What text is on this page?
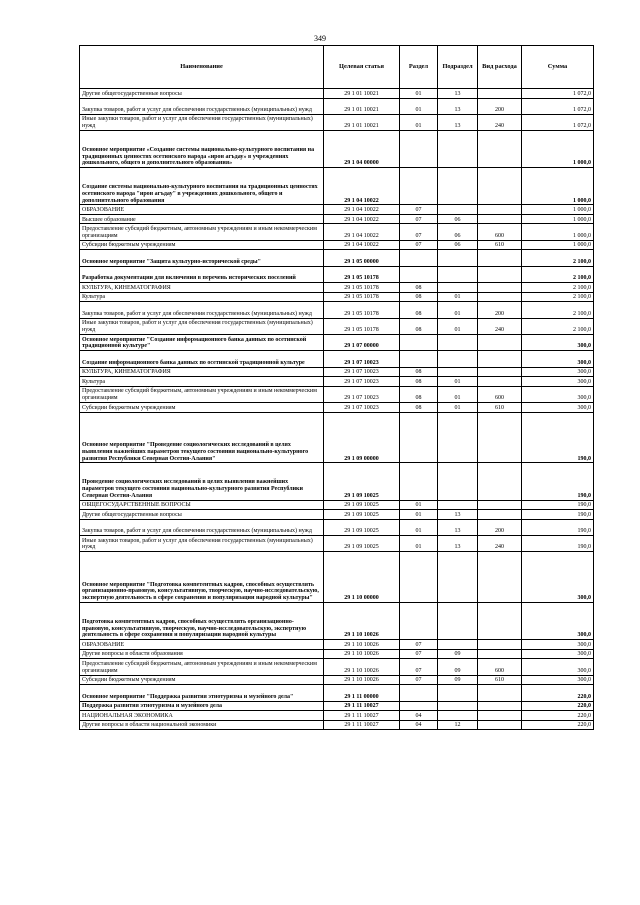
349
Наименование	Целевая статья	Раздел	Подраздел	Вид расхода	Сумма
Другие общегосударственные вопросы	29 1 01 10021	01	13		1 072,0
Закупка товаров, работ и услуг для обеспечения государственных (муниципальных) нужд	29 1 01 10021	01	13	200	1 072,0
Иные закупки товаров, работ и услуг для обеспечения государственных (муниципальных) нужд	29 1 01 10021	01	13	240	1 072,0
Основное мероприятие «Создание системы национально-культурного воспитания на традиционных ценностях осетинского народа «ирон агъдау» в учреждениях дошкольного, общего и дополнительного образования»	29 1 04 00000				1 000,0
Создание системы национально-культурного воспитания на традиционных ценностях осетинского народа "ирон агъдау" в учреждениях дошкольного, общего и дополнительного образования	29 1 04 10022				1 000,0
ОБРАЗОВАНИЕ	29 1 04 10022	07			1 000,0
Высшее образование	29 1 04 10022	07	06		1 000,0
Предоставление субсидий бюджетным, автономным учреждениям и иным некоммерческим организациям	29 1 04 10022	07	06	600	1 000,0
Субсидии бюджетным учреждениям	29 1 04 10022	07	06	610	1 000,0
Основное мероприятие "Защита культурно-исторической среды"	29 1 05 00000				2 100,0
Разработка документации для включения в перечень исторических поселений	29 1 05 10178				2 100,0
КУЛЬТУРА, КИНЕМАТОГРАФИЯ	29 1 05 10178	08			2 100,0
Культура	29 1 05 10178	08	01		2 100,0
Закупка товаров, работ и услуг для обеспечения государственных (муниципальных) нужд	29 1 05 10178	08	01	200	2 100,0
Иные закупки товаров, работ и услуг для обеспечения государственных (муниципальных) нужд	29 1 05 10178	08	01	240	2 100,0
Основное мероприятие "Создание информационного банка данных по осетинской традиционной культуре"	29 1 07 00000				300,0
Создание информационного банка данных по осетинской традиционной культуре	29 1 07 10023				300,0
КУЛЬТУРА, КИНЕМАТОГРАФИЯ	29 1 07 10023	08			300,0
Культура	29 1 07 10023	08	01		300,0
Предоставление субсидий бюджетным, автономным учреждениям и иным некоммерческим организациям	29 1 07 10023	08	01	600	300,0
Субсидии бюджетным учреждениям	29 1 07 10023	08	01	610	300,0
Основное мероприятие "Проведение социологических исследований в целях выявления важнейших параметров текущего состояния национально-культурного развития Республики Северная Осетия-Алания"	29 1 09 00000				190,0
Проведение социологических исследований в целях выявления важнейших параметров текущего состояния национально-культурного развития Республики Северная Осетия-Алания	29 1 09 10025				190,0
ОБЩЕГОСУДАРСТВЕННЫЕ ВОПРОСЫ	29 1 09 10025	01			190,0
Другие общегосударственные вопросы	29 1 09 10025	01	13		190,0
Закупка товаров, работ и услуг для обеспечения государственных (муниципальных) нужд	29 1 09 10025	01	13	200	190,0
Иные закупки товаров, работ и услуг для обеспечения государственных (муниципальных) нужд	29 1 09 10025	01	13	240	190,0
Основное мероприятие "Подготовка компетентных кадров, способных осуществлять организационно-правовую, консультативную, творческую, научно-исследовательскую, экспертную деятельность в сфере сохранения и популяризации народной культуры"	29 1 10 00000				300,0
Подготовка компетентных кадров, способных осуществлять организационно-правовую, консультативную, творческую, научно-исследовательскую, экспертную деятельность в сфере сохранения и популяризации народной культуры	29 1 10 10026				300,0
ОБРАЗОВАНИЕ	29 1 10 10026	07			300,0
Другие вопросы в области образования	29 1 10 10026	07	09		300,0
Предоставление субсидий бюджетным, автономным учреждениям и иным некоммерческим организациям	29 1 10 10026	07	09	600	300,0
Субсидии бюджетным учреждениям	29 1 10 10026	07	09	610	300,0
Основное мероприятие "Поддержка развития этнотуризма и музейного дела"	29 1 11 00000				220,0
Поддержка развития этнотуризма и музейного дела	29 1 11 10027				220,0
НАЦИОНАЛЬНАЯ ЭКОНОМИКА	29 1 11 10027	04			220,0
Другие вопросы в области национальной экономики	29 1 11 10027	04	12		220,0
